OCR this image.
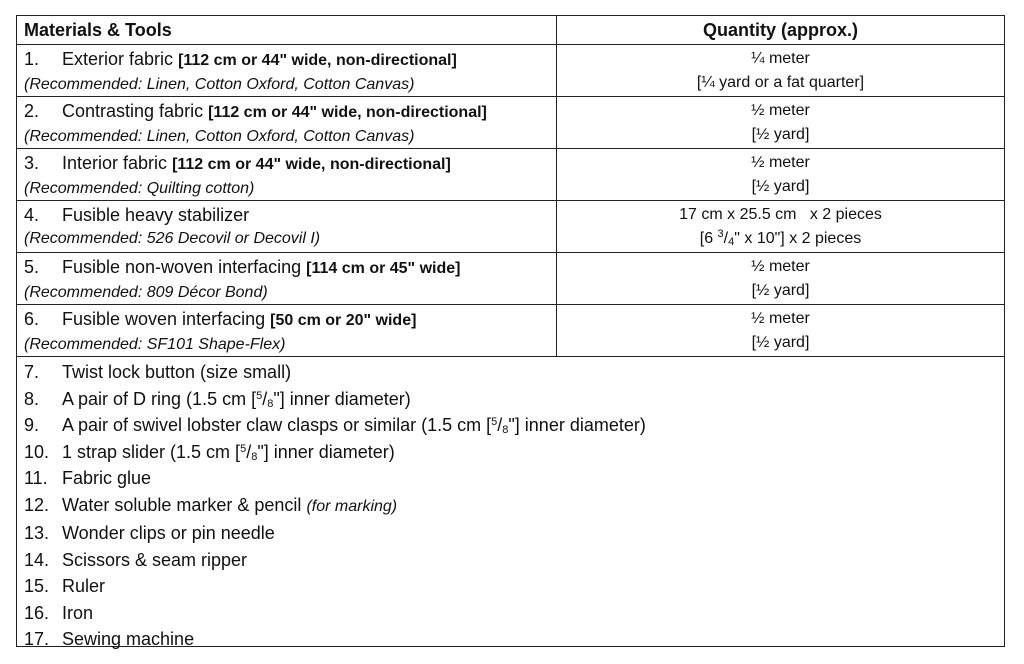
Materials & Tools	Quantity (approx.)
1. Exterior fabric [112 cm or 44" wide, non-directional]
(Recommended: Linen, Cotton Oxford, Cotton Canvas)
¼ meter
[¼ yard or a fat quarter]
2. Contrasting fabric [112 cm or 44" wide, non-directional]
(Recommended: Linen, Cotton Oxford, Cotton Canvas)
½ meter
[½ yard]
3. Interior fabric [112 cm or 44" wide, non-directional]
(Recommended: Quilting cotton)
½ meter
[½ yard]
4. Fusible heavy stabilizer
(Recommended: 526 Decovil or Decovil I)
17 cm x 25.5 cm   x 2 pieces
[6 $^3/_4$" x 10"] x 2 pieces
5. Fusible non-woven interfacing [114 cm or 45" wide]
(Recommended: 809 Décor Bond)
½ meter
[½ yard]
6. Fusible woven interfacing [50 cm or 20" wide]
(Recommended: SF101 Shape-Flex)
½ meter
[½ yard]
7. Twist lock button (size small)
8. A pair of D ring (1.5 cm $[^5/_8"]$ inner diameter)
9. A pair of swivel lobster claw clasps or similar (1.5 cm $[^5/_8"]$ inner diameter)
10. 1 strap slider (1.5 cm $[^5/_8"]$ inner diameter)
11. Fabric glue
12. Water soluble marker & pencil (for marking)
13. Wonder clips or pin needle
14. Scissors & seam ripper
15. Ruler
16. Iron
17. Sewing machine
